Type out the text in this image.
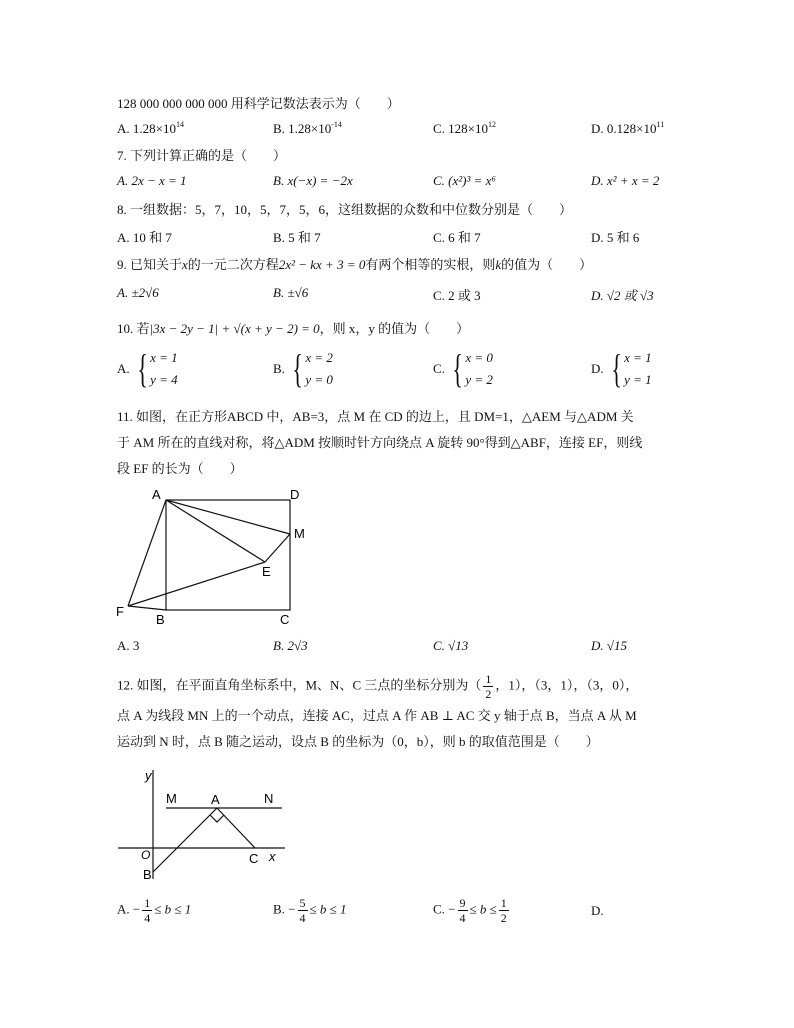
128 000 000 000 000 用科学记数法表示为（　　）
A. $1.28\times 10^{14}$	B. $1.28\times 10^{-14}$	C. $128\times 10^{12}$	D. $0.128\times 10^{11}$
7. 下列计算正确的是（　　）
A. 2x − x = 1	B. x(−x) = −2x	C. (x²)³ = x⁶	D. x² + x = 2
8. 一组数据：5，7，10，5，7，5，6，这组数据的众数和中位数分别是（　　）
A. 10 和 7	B. 5 和 7	C. 6 和 7	D. 5 和 6
9. 已知关于x的一元二次方程2x² − kx + 3 = 0有两个相等的实根，则k的值为（　　）
A. ±2√6	B. ±√6	C. 2 或 3	D. √2 或 √3
10. 若|3x − 2y − 1| + √(x + y − 2) = 0，则 x，y 的值为（　　）
A. { x = 1
y = 4
B. { x = 2
y = 0
C. { x = 0
y = 2
D. { x = 1
y = 1
11. 如图，在正方形ABCD 中，AB=3，点 M 在 CD 的边上，且 DM=1，△AEM 与△ADM 关
于 AM 所在的直线对称，将△ADM 按顺时针方向绕点 A 旋转 90°得到△ABF，连接 EF，则线
段 EF 的长为（　　）
A	D
M
E
F
B	C
A. 3	B. 2√3	C. √13	D. √15
12. 如图，在平面直角坐标系中，M、N、C 三点的坐标分别为（ $\frac{1}{2}$ ，1），（3，1），（3，0），
点 A 为线段 MN 上的一个动点，连接 AC，过点 A 作 AB ⊥ AC 交 y 轴于点 B，当点 A 从 M
运动到 N 时，点 B 随之运动，设点 B 的坐标为（0，b），则 b 的取值范围是（　　）
y
M	A	N
O	C x
B
A. − $\frac{1}{4} \le b \le 1$	B. − $\frac{5}{4} \le b \le 1$	C. − $\frac{9}{4} \le b \le \frac{1}{2}$	D.
